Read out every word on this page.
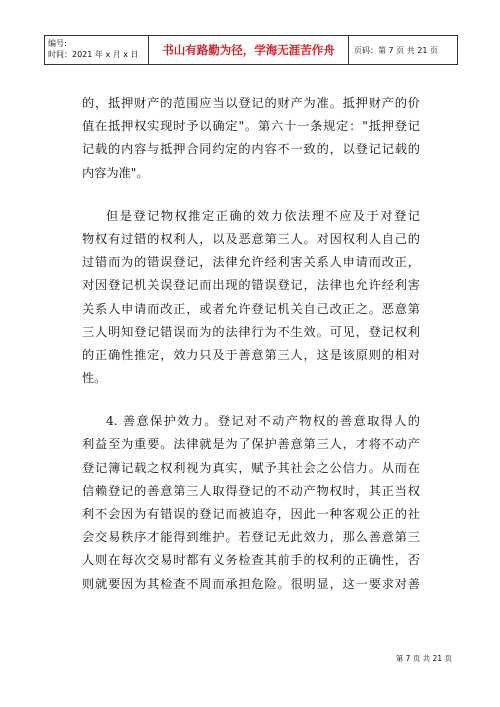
编号:
时间：2021 年 x 月 x 日	书山有路勤为径，学海无涯苦作舟	页码：第 7 页 共 21 页
的，抵押财产的范围应当以登记的财产为准。抵押财产的价
值在抵押权实现时予以确定"。第六十一条规定："抵押登记
记载的内容与抵押合同约定的内容不一致的，以登记记载的
内容为准"。
但是登记物权推定正确的效力依法理不应及于对登记
物权有过错的权利人，以及恶意第三人。对因权利人自己的
过错而为的错误登记，法律允许经利害关系人申请而改正，
对因登记机关误登记而出现的错误登记，法律也允许经利害
关系人申请而改正，或者允许登记机关自己改正之。恶意第
三人明知登记错误而为的法律行为不生效。可见，登记权利
的正确性推定，效力只及于善意第三人，这是该原则的相对
性。
4. 善意保护效力。登记对不动产物权的善意取得人的
利益至为重要。法律就是为了保护善意第三人，才将不动产
登记簿记载之权利视为真实，赋予其社会之公信力。从而在
信赖登记的善意第三人取得登记的不动产物权时，其正当权
利不会因为有错误的登记而被追夺，因此一种客观公正的社
会交易秩序才能得到维护。若登记无此效力，那么善意第三
人则在每次交易时都有义务检查其前手的权利的正确性，否
则就要因为其检查不周而承担危险。很明显，这一要求对善
第 7 页 共 21 页
